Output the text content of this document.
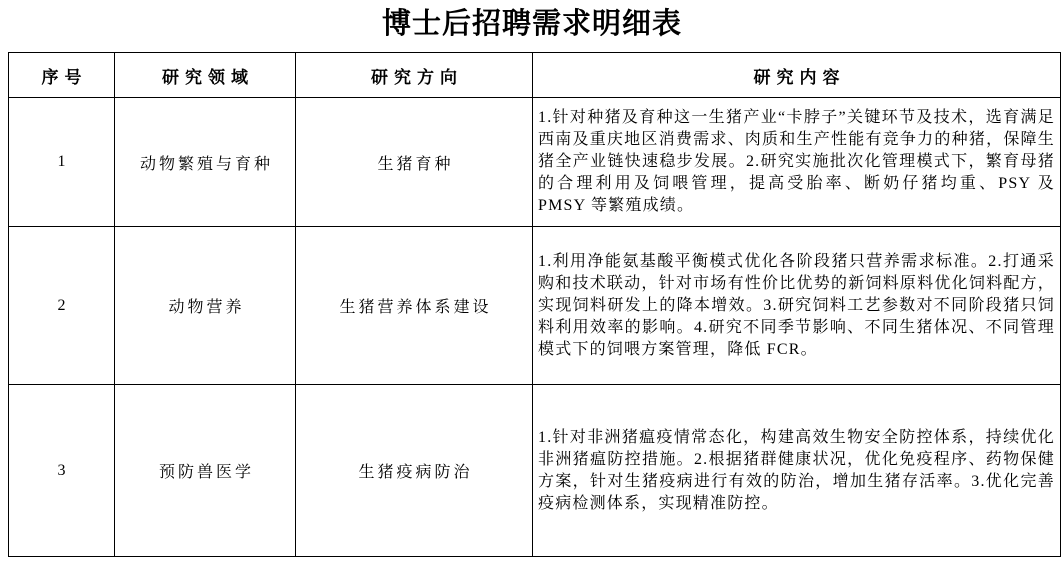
博士后招聘需求明细表
序号	研究领域	研究方向	研究内容
1	动物繁殖与育种	生猪育种	1.针对种猪及育种这一生猪产业“卡脖子”关键环节及技术，选育满足西南及重庆地区消费需求、肉质和生产性能有竞争力的种猪，保障生猪全产业链快速稳步发展。2.研究实施批次化管理模式下，繁育母猪的合理利用及饲喂管理，提高受胎率、断奶仔猪均重、PSY 及 PMSY 等繁殖成绩。
2	动物营养	生猪营养体系建设	1.利用净能氨基酸平衡模式优化各阶段猪只营养需求标准。2.打通采购和技术联动，针对市场有性价比优势的新饲料原料优化饲料配方，实现饲料研发上的降本增效。3.研究饲料工艺参数对不同阶段猪只饲料利用效率的影响。4.研究不同季节影响、不同生猪体况、不同管理模式下的饲喂方案管理，降低 FCR。
3	预防兽医学	生猪疫病防治	1.针对非洲猪瘟疫情常态化，构建高效生物安全防控体系，持续优化非洲猪瘟防控措施。2.根据猪群健康状况，优化免疫程序、药物保健方案，针对生猪疫病进行有效的防治，增加生猪存活率。3.优化完善疫病检测体系，实现精准防控。
